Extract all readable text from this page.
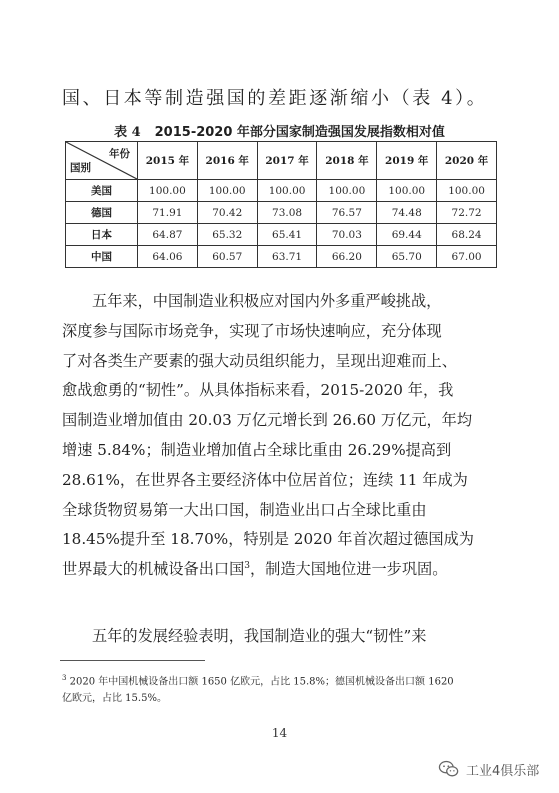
国、日本等制造强国的差距逐渐缩小（表 4）。
表 4 2015-2020 年部分国家制造强国发展指数相对值
年份
国别	2015 年	2016 年	2017 年	2018 年	2019 年	2020 年
美国	100.00	100.00	100.00	100.00	100.00	100.00
德国	71.91	70.42	73.08	76.57	74.48	72.72
日本	64.87	65.32	65.41	70.03	69.44	68.24
中国	64.06	60.57	63.71	66.20	65.70	67.00
五年来，中国制造业积极应对国内外多重严峻挑战，
深度参与国际市场竞争，实现了市场快速响应，充分体现
了对各类生产要素的强大动员组织能力，呈现出迎难而上、
愈战愈勇的“韧性”。从具体指标来看，2015-2020 年，我
国制造业增加值由 20.03 万亿元增长到 26.60 万亿元，年均
增速 5.84%；制造业增加值占全球比重由 26.29%提高到
28.61%，在世界各主要经济体中位居首位；连续 11 年成为
全球货物贸易第一大出口国，制造业出口占全球比重由
18.45%提升至 18.70%，特别是 2020 年首次超过德国成为
世界最大的机械设备出口国$^3$，制造大国地位进一步巩固。
五年的发展经验表明，我国制造业的强大“韧性”来
$^3$ 2020 年中国机械设备出口额 1650 亿欧元，占比 15.8%；德国机械设备出口额 1620
亿欧元，占比 15.5%。
14
工业4俱乐部
